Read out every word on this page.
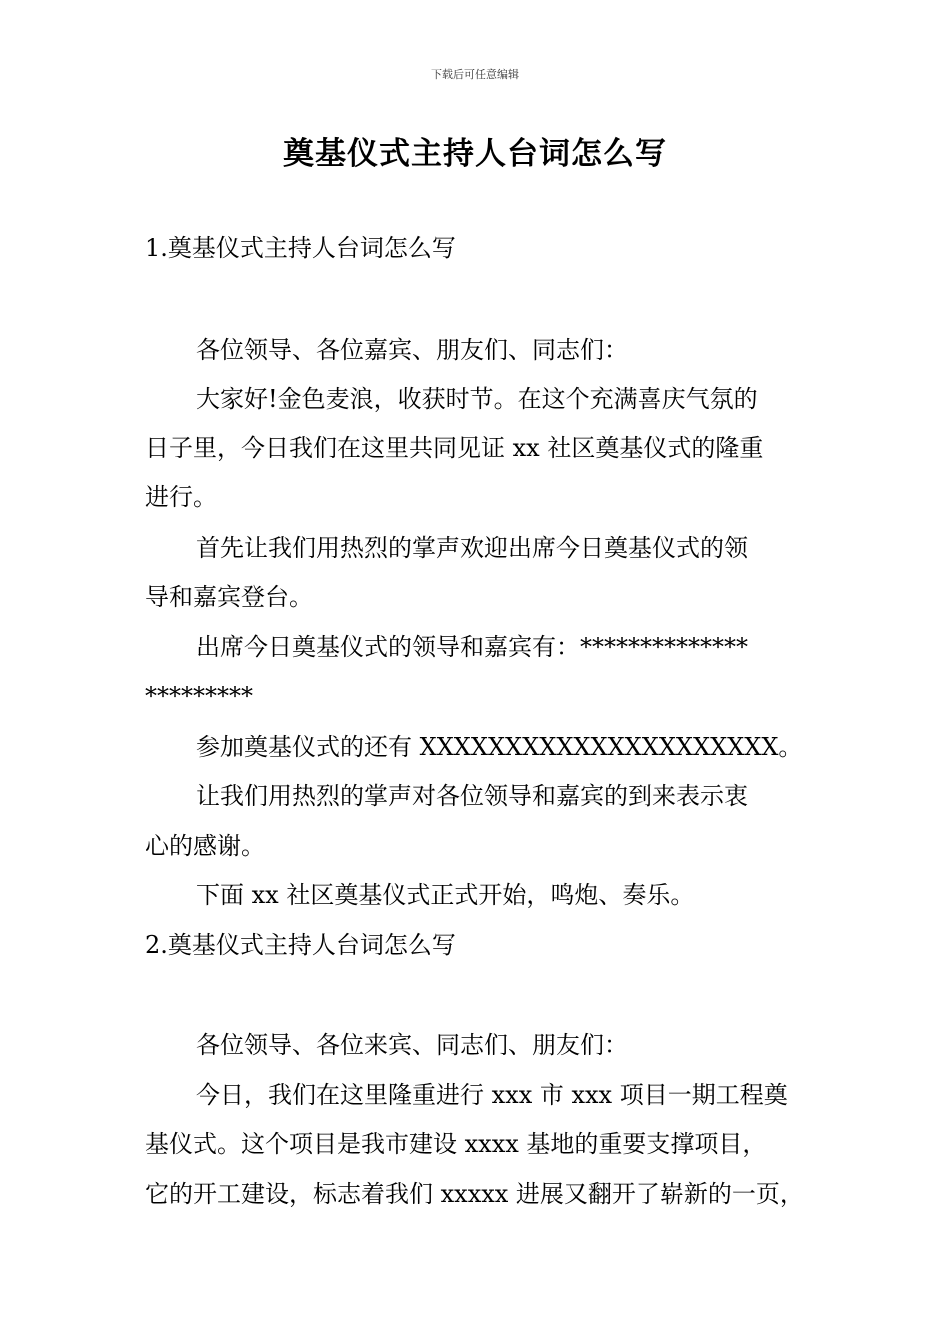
下载后可任意编辑
奠基仪式主持人台词怎么写
1.奠基仪式主持人台词怎么写
各位领导、各位嘉宾、朋友们、同志们：
大家好!金色麦浪，收获时节。在这个充满喜庆气氛的
日子里，今日我们在这里共同见证 xx 社区奠基仪式的隆重
进行。
首先让我们用热烈的掌声欢迎出席今日奠基仪式的领
导和嘉宾登台。
出席今日奠基仪式的领导和嘉宾有：**************
*********
参加奠基仪式的还有 XXXXXXXXXXXXXXXXXXXXX。
让我们用热烈的掌声对各位领导和嘉宾的到来表示衷
心的感谢。
下面 xx 社区奠基仪式正式开始，鸣炮、奏乐。
2.奠基仪式主持人台词怎么写
各位领导、各位来宾、同志们、朋友们：
今日，我们在这里隆重进行 xxx 市 xxx 项目一期工程奠
基仪式。这个项目是我市建设 xxxx 基地的重要支撑项目，
它的开工建设，标志着我们 xxxxx 进展又翻开了崭新的一页，
